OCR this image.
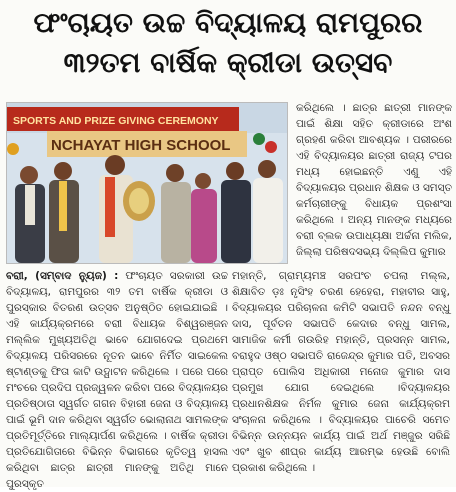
ଫଂଚାୟତ ଉଚ୍ଚ ବିଦ୍ୟାଳୟ ରାମପୁରର
୩୨ତମ ବାର୍ଷିକ କ୍ରୀଡା ଉତ୍ସବ
SPORTS AND PRIZE GIVING CEREMONY
NCHAYAT HIGH SCHOOL

କରିଥିଲେ । ଛାତ୍ର ଛାତ୍ରୀ ମାନଙ୍କ ପାଇଁ ଶିକ୍ଷା ସହିତ କ୍ରୀଡାରେ ଅଂଶ ଗ୍ରହଣ କରିବା ଆବଶ୍ୟକ । ପରୀରରେ ଏହି ବିଦ୍ୟାଳୟର ଛାତ୍ରୀ ରାଜ୍ୟ ଟପର ମଧ୍ୟ ହୋଇଛନ୍ତି ଏଣୁ ଏହି ବିଦ୍ୟାଳୟର ପ୍ରଧାନ ଶିକ୍ଷକ ଓ ସମସ୍ତ କର୍ମଚାରୀଙ୍କୁ ବିଧାୟକ ପ୍ରଶଂସା କରିଥିଲେ । ଅନ୍ୟ ମାନଙ୍କ ମଧ୍ୟରେ ବରାୀ ବ୍ଲକ ଉପାଧ୍ୟକ୍ଷା ଅର୍ଚ୍ଚନା ମଲିକ, ଜିଲ୍ଲା ପରିଷଦସଭ୍ୟ ଦିଲ୍ଲିପ କୁମାର

ବରାୀ, (ସମ୍ବାଦ ନ୍ୟୁଜ) : ଫଂଚାୟତ ସରକାରୀ ଉଚ୍ଚ ବିଦ୍ୟାଳୟ, ରାମପୁରର ୩୨ ତମ ବାର୍ଷିକ କ୍ରୀଡା ଓ ପୁରସ୍କାର ବିତରଣ ଉତ୍ସବ ଅନୁଷ୍ଠିତ ହୋଇଯାଇଛି । ଏହି କାର୍ଯ୍ୟକ୍ରମରେ ବରାୀ ବିଧାୟକ ବିଶ୍ୱରଞ୍ଜନ ମଲ୍ଲିକ ମୁଖ୍ୟଅତିଥି ଭାବେ ଯୋଗଦେଇ ପ୍ରଥମେ ବିଦ୍ୟାଳୟ ପରିସରରେ ନୂତନ ଭାବେ ନିର୍ମିତ ସାଇକେଲ ଷ୍ଟାଣ୍ଡକୁ ଫିତା କାଟି ଉଦ୍ଘାଟନ କରିଥିଲେ । ପରେ ପରେ ମଂଚରେ ପ୍ରଦିପ ପ୍ରଜ୍ୱଳନ କରିବା ପରେ ବିଦ୍ୟାଳୟର ପ୍ରତିଷ୍ଠାତା ସ୍ୱର୍ଗତ ଗଗନ ବିହାରୀ ଜେନା ଓ ବିଦ୍ୟାଳୟ ପାଇଁ ଭୂମି ଦାନ କରିଥିବା ସ୍ୱର୍ଗତ ଭୋଲାନାଥ ସାମଲଙ୍କ ପ୍ରତିମୂର୍ତ୍ତିରେ ମାଲ୍ୟାର୍ପଣ କରିଥିଲେ । ବାର୍ଷିକ କ୍ରୀଡା ପ୍ରତିଯୋଗିତାରେ ବିଭିନ୍ନ ବିଭାଗରେ କୃତିତ୍ୱ ହାସଲ କରିଥିବା ଛାତ୍ର ଛାତ୍ରୀ ମାନଙ୍କୁ ଅତିଥି ମାନେ ପୁରସ୍କୃତ

ମହାନ୍ତି, ଗ୍ରାମ୍ୟମଞ୍ଚ ସରପଂଚ ଚପଲା ମଲ୍ଲ, ଶିକ୍ଷାବିତ ଡ଼ଃ ନୃସିଂହ ଚରଣ ହେହେରା, ମହାବୀର ସାହୁ, ବିଦ୍ୟାଳୟର ପରିଚାଳନା କମିଟି ସଭାପତି ନନ୍ଦନ ବନ୍ଧୁ ଦାସ, ପୂର୍ବତନ ସଭାପତି କେଦାର ବନ୍ଧୁ ସାମଲ, ସାମାଜିକ କର୍ମୀ ଗଉରିହ ମହାନ୍ତି, ପ୍ରସନ୍ନ ସାମଲ, ବରାହୁଦ ଓଷ୍ଠ ସଭାପତି ରାଜେନ୍ଦ୍ର କୁମାର ପତି, ଅବସର ପ୍ରାପ୍ତ ପୋଲିସ ଅଧିକାରୀ ମନୋଜ କୁମାର ଦାସ ପ୍ରମୁଖ ଯୋଗ ଦେଇଥିଲେ ।ବିଦ୍ୟାଳୟର ପ୍ରଧାନଶିକ୍ଷକ ନିର୍ମଳ କୁମାର ଜେନା କାର୍ଯ୍ୟକ୍ରମ ସଂଚାଳନା କରିଥିଲେ । ବିଦ୍ୟାଳୟର ପାଚେରି ସମେତ ବିଭିନ୍ନ ଉନ୍ନୟନ କାର୍ଯ୍ୟ ପାଇଁ ଅର୍ଥ ମଞ୍ଜୁର ସରିଛି ଏବଂ ଖୁବ ଶୀଘ୍ର କାର୍ଯ୍ୟ ଆରମ୍ଭ ହେଉଛି ବୋଲି ପ୍ରକାଶ କରିଥିଲେ ।
